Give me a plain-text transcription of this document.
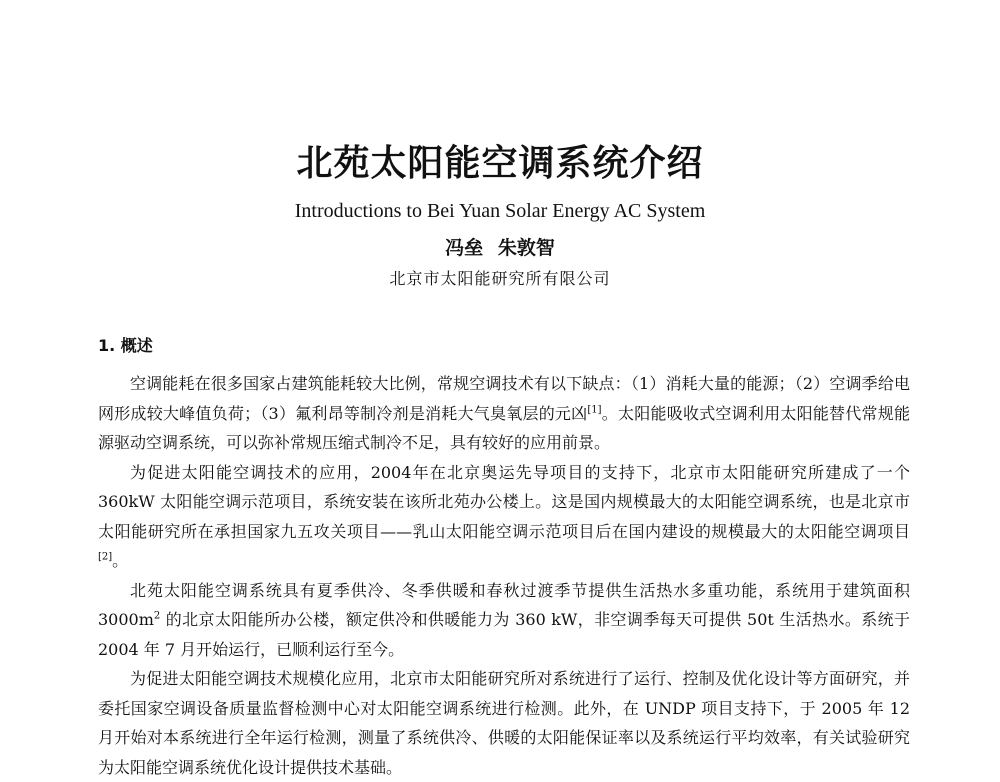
北苑太阳能空调系统介绍
Introductions to Bei Yuan Solar Energy AC System
冯垒 朱敦智
北京市太阳能研究所有限公司
1. 概述

空调能耗在很多国家占建筑能耗较大比例，常规空调技术有以下缺点：（1）消耗大量的能源；（2）空调季给电网形成较大峰值负荷；（3）氟利昂等制冷剂是消耗大气臭氧层的元凶[1]。太阳能吸收式空调利用太阳能替代常规能源驱动空调系统，可以弥补常规压缩式制冷不足，具有较好的应用前景。

为促进太阳能空调技术的应用，2004年在北京奥运先导项目的支持下，北京市太阳能研究所建成了一个 360kW 太阳能空调示范项目，系统安装在该所北苑办公楼上。这是国内规模最大的太阳能空调系统，也是北京市太阳能研究所在承担国家九五攻关项目——乳山太阳能空调示范项目后在国内建设的规模最大的太阳能空调项目[2]。

北苑太阳能空调系统具有夏季供冷、冬季供暖和春秋过渡季节提供生活热水多重功能，系统用于建筑面积 $3000m^2$ 的北京太阳能所办公楼，额定供冷和供暖能力为 360 kW，非空调季每天可提供 50t 生活热水。系统于 2004 年 7 月开始运行，已顺利运行至今。

为促进太阳能空调技术规模化应用，北京市太阳能研究所对系统进行了运行、控制及优化设计等方面研究，并委托国家空调设备质量监督检测中心对太阳能空调系统进行检测。此外，在 UNDP 项目支持下，于 2005 年 12 月开始对本系统进行全年运行检测，测量了系统供冷、供暖的太阳能保证率以及系统运行平均效率，有关试验研究为太阳能空调系统优化设计提供技术基础。
